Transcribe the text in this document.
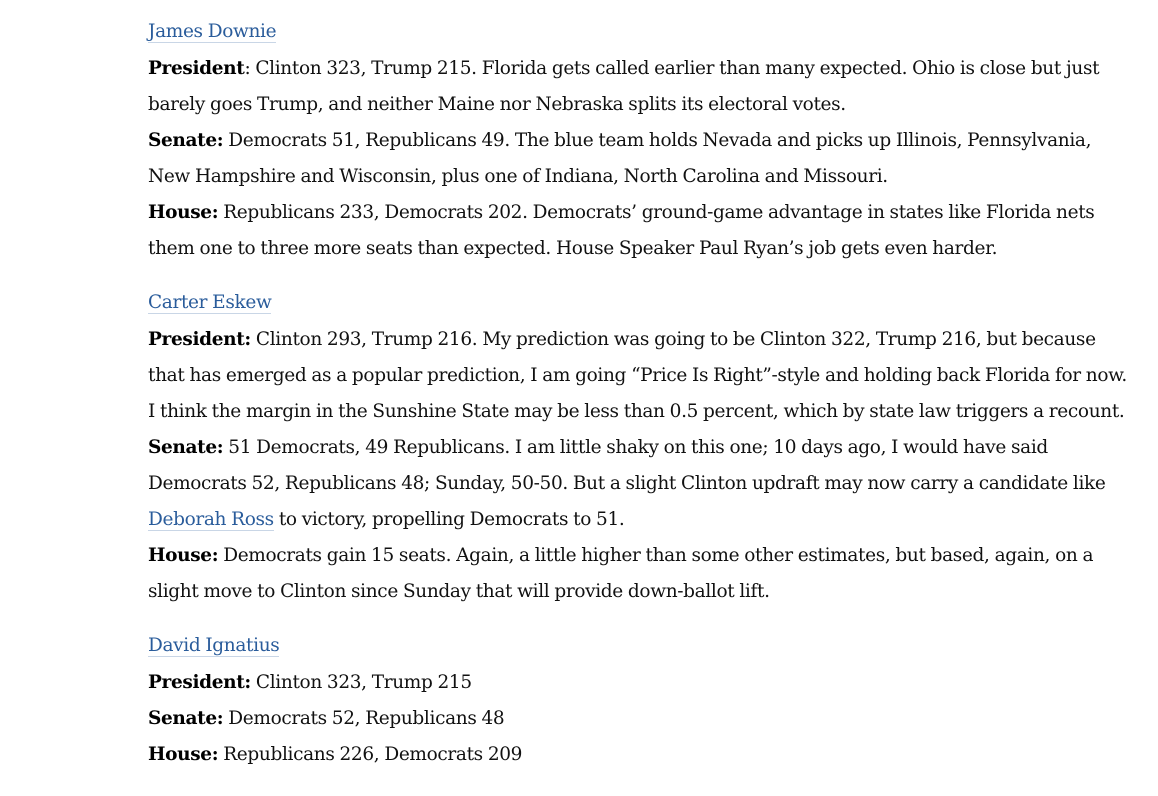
James Downie

President: Clinton 323, Trump 215. Florida gets called earlier than many expected. Ohio is close but just barely goes Trump, and neither Maine nor Nebraska splits its electoral votes.

Senate: Democrats 51, Republicans 49. The blue team holds Nevada and picks up Illinois, Pennsylvania, New Hampshire and Wisconsin, plus one of Indiana, North Carolina and Missouri.

House: Republicans 233, Democrats 202. Democrats’ ground-game advantage in states like Florida nets them one to three more seats than expected. House Speaker Paul Ryan’s job gets even harder.

Carter Eskew

President: Clinton 293, Trump 216. My prediction was going to be Clinton 322, Trump 216, but because that has emerged as a popular prediction, I am going “Price Is Right”-style and holding back Florida for now. I think the margin in the Sunshine State may be less than 0.5 percent, which by state law triggers a recount.

Senate: 51 Democrats, 49 Republicans. I am little shaky on this one; 10 days ago, I would have said Democrats 52, Republicans 48; Sunday, 50-50. But a slight Clinton updraft may now carry a candidate like Deborah Ross to victory, propelling Democrats to 51.

House: Democrats gain 15 seats. Again, a little higher than some other estimates, but based, again, on a slight move to Clinton since Sunday that will provide down-ballot lift.

David Ignatius

President: Clinton 323, Trump 215

Senate: Democrats 52, Republicans 48

House: Republicans 226, Democrats 209
